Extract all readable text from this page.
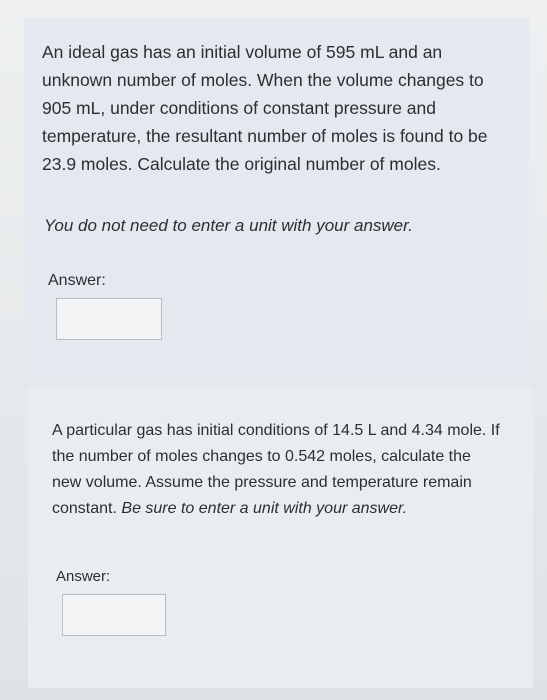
An ideal gas has an initial volume of 595 mL and an unknown number of moles. When the volume changes to 905 mL, under conditions of constant pressure and temperature, the resultant number of moles is found to be 23.9 moles. Calculate the original number of moles.
You do not need to enter a unit with your answer.
Answer:
A particular gas has initial conditions of 14.5 L and 4.34 mole. If the number of moles changes to 0.542 moles, calculate the new volume. Assume the pressure and temperature remain constant. Be sure to enter a unit with your answer.
Answer:
